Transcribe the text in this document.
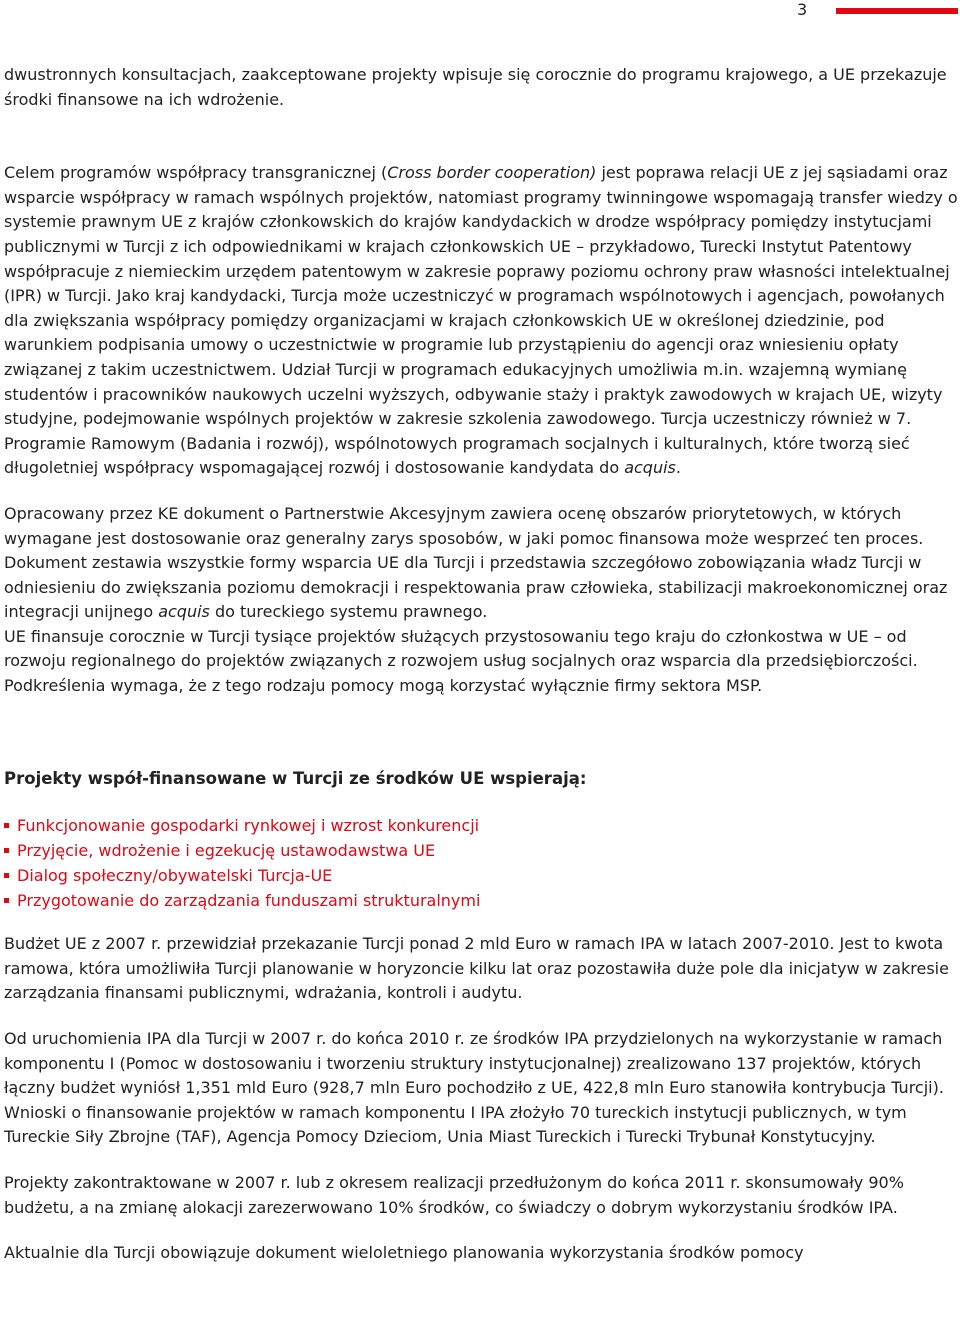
3

dwustronnych konsultacjach, zaakceptowane projekty wpisuje się corocznie do programu krajowego, a UE przekazuje środki finansowe na ich wdrożenie.

Celem programów współpracy transgranicznej (Cross border cooperation) jest poprawa relacji UE z jej sąsiadami oraz wsparcie współpracy w ramach wspólnych projektów, natomiast programy twinningowe wspomagają transfer wiedzy o systemie prawnym UE z krajów członkowskich do krajów kandydackich w drodze współpracy pomiędzy instytucjami publicznymi w Turcji z ich odpowiednikami w krajach członkowskich UE – przykładowo, Turecki Instytut Patentowy współpracuje z niemieckim urzędem patentowym w zakresie poprawy poziomu ochrony praw własności intelektualnej (IPR) w Turcji. Jako kraj kandydacki, Turcja może uczestniczyć w programach wspólnotowych i agencjach, powołanych dla zwiększania współpracy pomiędzy organizacjami w krajach członkowskich UE w określonej dziedzinie, pod warunkiem podpisania umowy o uczestnictwie w programie lub przystąpieniu do agencji oraz wniesieniu opłaty związanej z takim uczestnictwem. Udział Turcji w programach edukacyjnych umożliwia m.in. wzajemną wymianę studentów i pracowników naukowych uczelni wyższych, odbywanie staży i praktyk zawodowych w krajach UE, wizyty studyjne, podejmowanie wspólnych projektów w zakresie szkolenia zawodowego. Turcja uczestniczy również w 7. Programie Ramowym (Badania i rozwój), wspólnotowych programach socjalnych i kulturalnych, które tworzą sieć długoletniej współpracy wspomagającej rozwój i dostosowanie kandydata do acquis.

Opracowany przez KE dokument o Partnerstwie Akcesyjnym zawiera ocenę obszarów priorytetowych, w których wymagane jest dostosowanie oraz generalny zarys sposobów, w jaki pomoc finansowa może wesprzeć ten proces. Dokument zestawia wszystkie formy wsparcia UE dla Turcji i przedstawia szczegółowo zobowiązania władz Turcji w odniesieniu do zwiększania poziomu demokracji i respektowania praw człowieka, stabilizacji makroekonomicznej oraz integracji unijnego acquis do tureckiego systemu prawnego.

UE finansuje corocznie w Turcji tysiące projektów służących przystosowaniu tego kraju do członkostwa w UE – od rozwoju regionalnego do projektów związanych z rozwojem usług socjalnych oraz wsparcia dla przedsiębiorczości. Podkreślenia wymaga, że z tego rodzaju pomocy mogą korzystać wyłącznie firmy sektora MSP.

Projekty współ-finansowane w Turcji ze środków UE wspierają:

Funkcjonowanie gospodarki rynkowej i wzrost konkurencji
Przyjęcie, wdrożenie i egzekucję ustawodawstwa UE
Dialog społeczny/obywatelski Turcja-UE
Przygotowanie do zarządzania funduszami strukturalnymi

Budżet UE z 2007 r. przewidział przekazanie Turcji ponad 2 mld Euro w ramach IPA w latach 2007-2010. Jest to kwota ramowa, która umożliwiła Turcji planowanie w horyzoncie kilku lat oraz pozostawiła duże pole dla inicjatyw w zakresie zarządzania finansami publicznymi, wdrażania, kontroli i audytu.

Od uruchomienia IPA dla Turcji w 2007 r. do końca 2010 r. ze środków IPA przydzielonych na wykorzystanie w ramach komponentu I (Pomoc w dostosowaniu i tworzeniu struktury instytucjonalnej) zrealizowano 137 projektów, których łączny budżet wyniósł 1,351 mld Euro (928,7 mln Euro pochodziło z UE, 422,8 mln Euro stanowiła kontrybucja Turcji). Wnioski o finansowanie projektów w ramach komponentu I IPA złożyło 70 tureckich instytucji publicznych, w tym Tureckie Siły Zbrojne (TAF), Agencja Pomocy Dzieciom, Unia Miast Tureckich i Turecki Trybunał Konstytucyjny.

Projekty zakontraktowane w 2007 r. lub z okresem realizacji przedłużonym do końca 2011 r. skonsumowały 90% budżetu, a na zmianę alokacji zarezerwowano 10% środków, co świadczy o dobrym wykorzystaniu środków IPA.

Aktualnie dla Turcji obowiązuje dokument wieloletniego planowania wykorzystania środków pomocy
